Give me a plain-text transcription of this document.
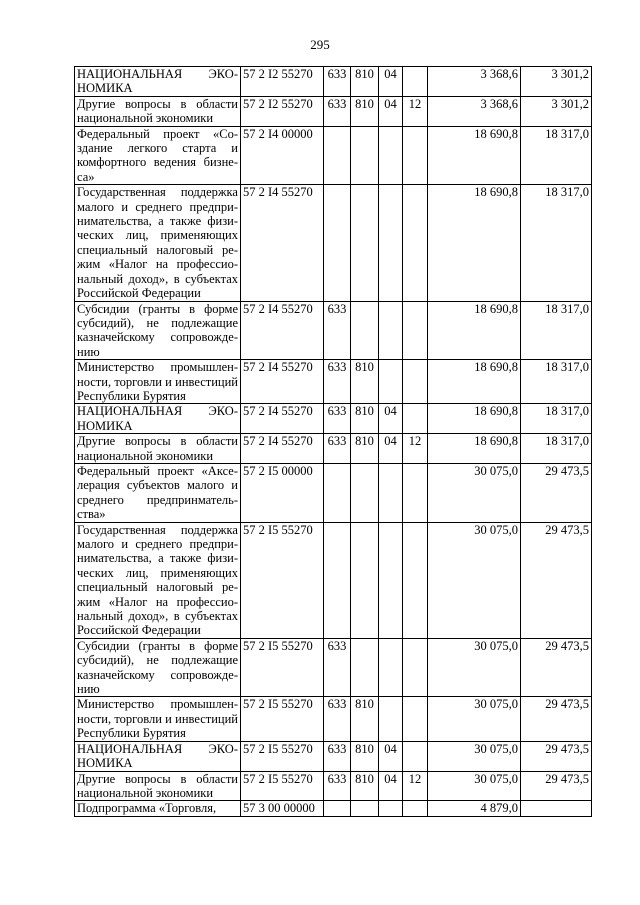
295
НАЦИОНАЛЬНАЯ ЭКОНОМИКА	57 2 I2 55270	633	810	04		3 368,6	3 301,2
Другие вопросы в области национальной экономики	57 2 I2 55270	633	810	04	12	3 368,6	3 301,2
Федеральный проект «Создание легкого старта и комфортного ведения бизнеса»	57 2 I4 00000					18 690,8	18 317,0
Государственная поддержка малого и среднего предпринимательства, а также физических лиц, применяющих специальный налоговый режим «Налог на профессиональный доход», в субъектах Российской Федерации	57 2 I4 55270					18 690,8	18 317,0
Субсидии (гранты в форме субсидий), не подлежащие казначейскому сопровождению	57 2 I4 55270	633				18 690,8	18 317,0
Министерство промышленности, торговли и инвестиций Республики Бурятия	57 2 I4 55270	633	810			18 690,8	18 317,0
НАЦИОНАЛЬНАЯ ЭКОНОМИКА	57 2 I4 55270	633	810	04		18 690,8	18 317,0
Другие вопросы в области национальной экономики	57 2 I4 55270	633	810	04	12	18 690,8	18 317,0
Федеральный проект «Акселерация субъектов малого и среднего предпринмательства»	57 2 I5 00000					30 075,0	29 473,5
Государственная поддержка малого и среднего предпринимательства, а также физических лиц, применяющих специальный налоговый режим «Налог на профессиональный доход», в субъектах Российской Федерации	57 2 I5 55270					30 075,0	29 473,5
Субсидии (гранты в форме субсидий), не подлежащие казначейскому сопровождению	57 2 I5 55270	633				30 075,0	29 473,5
Министерство промышленности, торговли и инвестиций Республики Бурятия	57 2 I5 55270	633	810			30 075,0	29 473,5
НАЦИОНАЛЬНАЯ ЭКОНОМИКА	57 2 I5 55270	633	810	04		30 075,0	29 473,5
Другие вопросы в области национальной экономики	57 2 I5 55270	633	810	04	12	30 075,0	29 473,5
Подпрограмма «Торговля,	57 3 00 00000					4 879,0	
